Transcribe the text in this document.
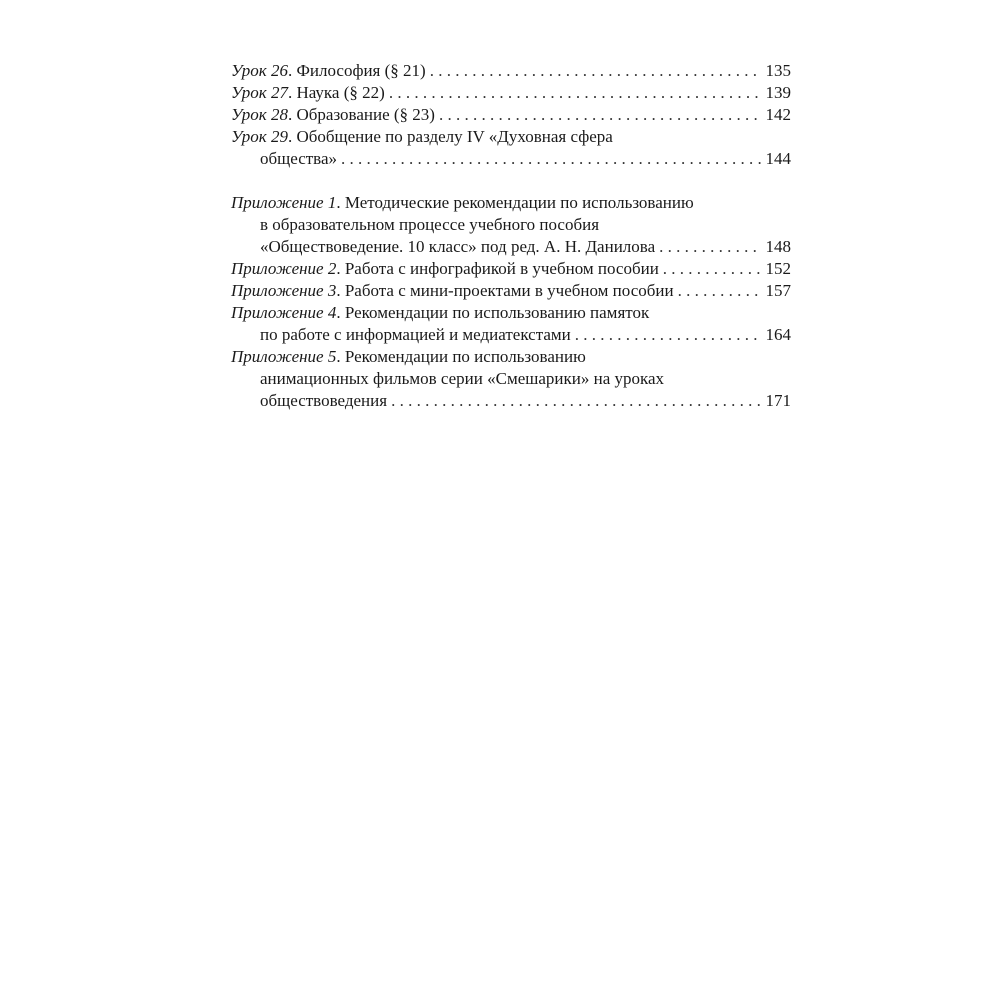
Урок 26 . Философия (§ 21) . . .	135
Урок 27 . Наука (§ 22) . . .	139
Урок 28 . Образование (§ 23) . . .	142
Урок 29 . Обобщение по разделу IV «Духовная сфера
общества» . . .	144
Приложение 1 . Методические рекомендации по использованию
в образовательном процессе учебного пособия
«Обществоведение. 10 класс» под ред. А. Н. Данилова . . .	148
Приложение 2 . Работа с инфографикой в учебном пособии . . .	152
Приложение 3 . Работа с мини-проектами в учебном пособии . . .	157
Приложение 4 . Рекомендации по использованию памяток
по работе с информацией и медиатекстами . . .	164
Приложение 5 . Рекомендации по использованию
анимационных фильмов серии «Смешарики» на уроках
обществоведения . . .	171
